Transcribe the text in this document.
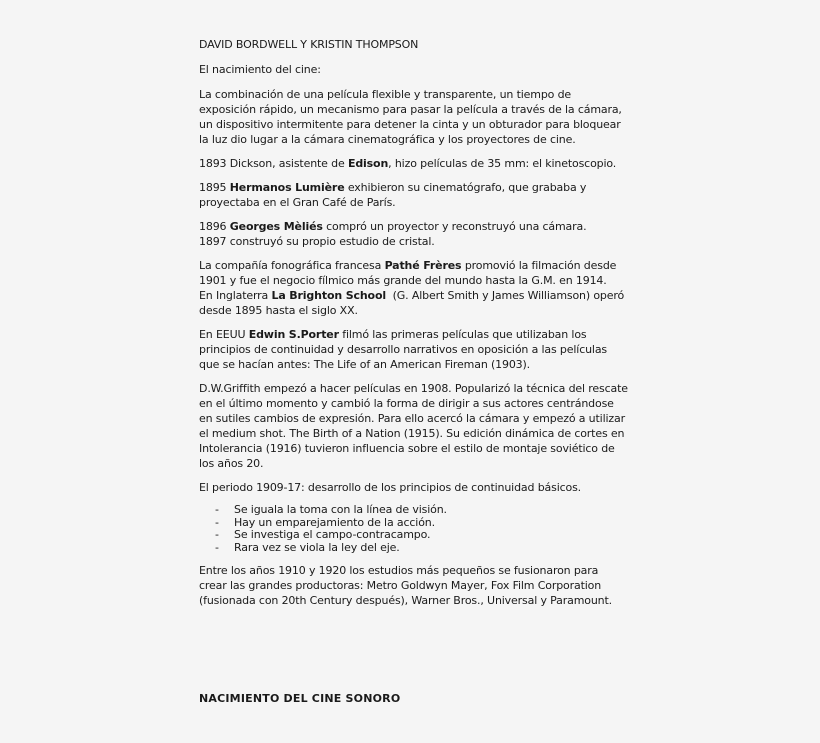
DAVID BORDWELL Y KRISTIN THOMPSON

El nacimiento del cine:

La combinación de una película flexible y transparente, un tiempo de exposición rápido, un mecanismo para pasar la película a través de la cámara, un dispositivo intermitente para detener la cinta y un obturador para bloquear la luz dio lugar a la cámara cinematográfica y los proyectores de cine.

1893 Dickson, asistente de Edison, hizo películas de 35 mm: el kinetoscopio.

1895 Hermanos Lumière exhibieron su cinematógrafo, que grababa y proyectaba en el Gran Café de París.

1896 Georges Mèliés compró un proyector y reconstruyó una cámara.
1897 construyó su propio estudio de cristal.

La compañía fonográfica francesa Pathé Frères promovió la filmación desde 1901 y fue el negocio fílmico más grande del mundo hasta la G.M. en 1914.

En Inglaterra La Brighton School  (G. Albert Smith y James Williamson) operó desde 1895 hasta el siglo XX.

En EEUU Edwin S.Porter filmó las primeras películas que utilizaban los principios de continuidad y desarrollo narrativos en oposición a las películas que se hacían antes: The Life of an American Fireman (1903).

D.W.Griffith empezó a hacer películas en 1908. Popularizó la técnica del rescate en el último momento y cambió la forma de dirigir a sus actores centrándose en sutiles cambios de expresión. Para ello acercó la cámara y empezó a utilizar el medium shot. The Birth of a Nation (1915). Su edición dinámica de cortes en Intolerancia (1916) tuvieron influencia sobre el estilo de montaje soviético de los años 20.

El periodo 1909-17: desarrollo de los principios de continuidad básicos.

- Se iguala la toma con la línea de visión.
- Hay un emparejamiento de la acción.
- Se investiga el campo-contracampo.
- Rara vez se viola la ley del eje.

Entre los años 1910 y 1920 los estudios más pequeños se fusionaron para crear las grandes productoras: Metro Goldwyn Mayer, Fox Film Corporation (fusionada con 20th Century después), Warner Bros., Universal y Paramount.

NACIMIENTO DEL CINE SONORO
